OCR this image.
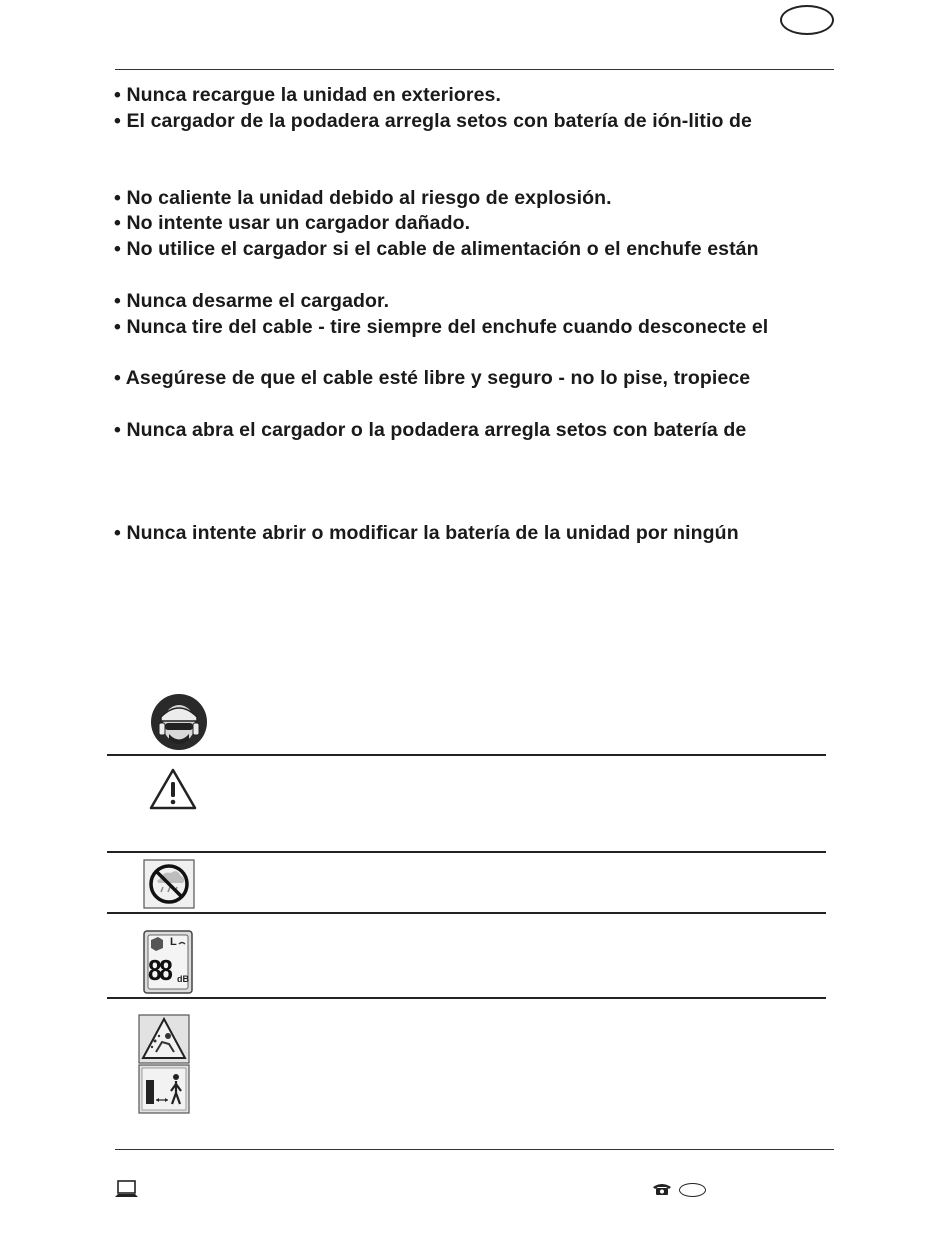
• Nunca recargue la unidad en exteriores.
• El cargador de la podadera arregla setos con batería de ión-litio de
• No caliente la unidad debido al riesgo de explosión.
• No intente usar un cargador dañado.
• No utilice el cargador si el cable de alimentación o el enchufe están
• Nunca desarme el cargador.
• Nunca tire del cable - tire siempre del enchufe cuando desconecte el
• Asegúrese de que el cable esté libre y seguro - no lo pise, tropiece
• Nunca abra el cargador o la podadera arregla setos con batería de
• Nunca intente abrir o modificar la batería de la unidad por ningún
L
88 dB
